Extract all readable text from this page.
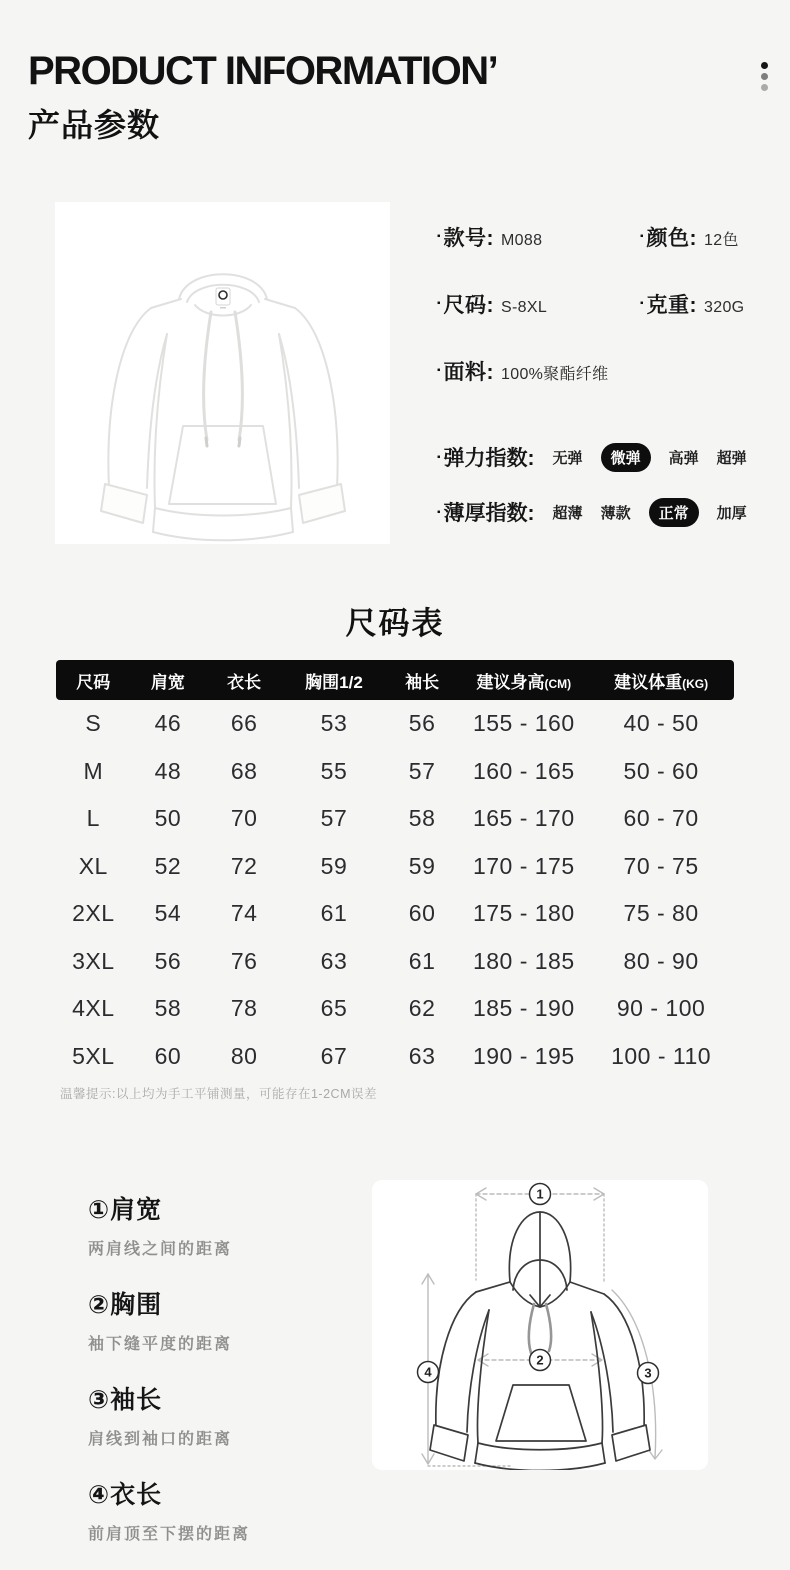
PRODUCT INFORMATION’
产品参数
▪ 款号: M088	▪ 颜色: 12色
▪ 尺码: S-8XL	▪ 克重: 320G
▪ 面料: 100%聚酯纤维
▪ 弹力指数: 无弹	微弹	高弹 超弹
▪ 薄厚指数: 超薄 薄款	正常	加厚
尺码表
尺码	肩宽	衣长	胸围1/2	袖长	建议身高(CM)	建议体重(KG)
S	46	66	53	56	155 - 160	40 - 50
M	48	68	55	57	160 - 165	50 - 60
L	50	70	57	58	165 - 170	60 - 70
XL	52	72	59	59	170 - 175	70 - 75
2XL	54	74	61	60	175 - 180	75 - 80
3XL	56	76	63	61	180 - 185	80 - 90
4XL	58	78	65	62	185 - 190	90 - 100
5XL	60	80	67	63	190 - 195	100 - 110
温馨提示:以上均为手工平铺测量，可能存在1-2CM误差
①肩宽
两肩线之间的距离
②胸围
袖下缝平度的距离
③袖长
肩线到袖口的距离
④衣长
前肩顶至下摆的距离
1
2
3
4
